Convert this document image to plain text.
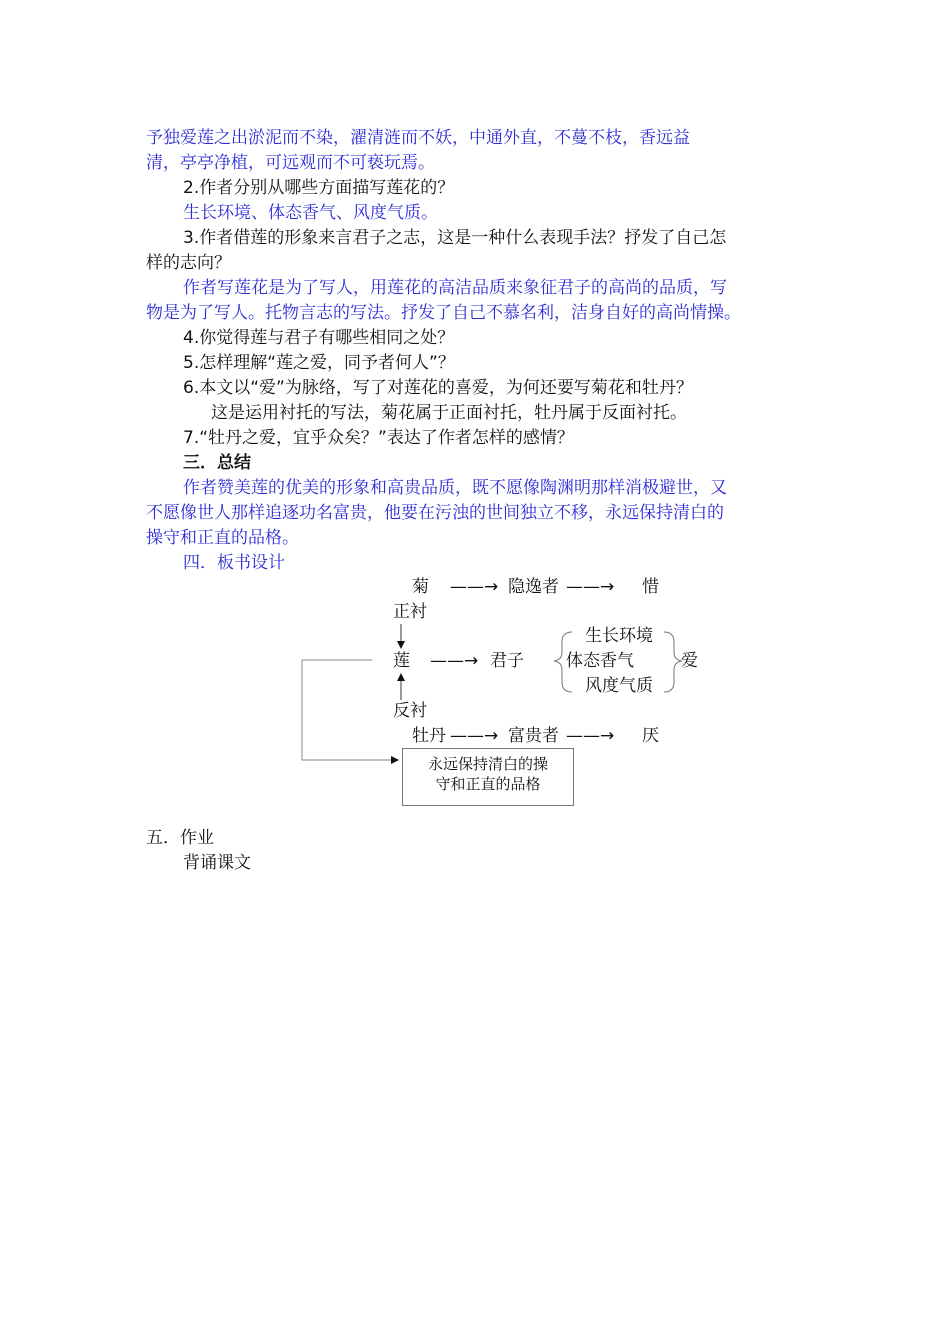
予独爱莲之出淤泥而不染，濯清涟而不妖，中通外直，不蔓不枝，香远益
清，亭亭净植，可远观而不可亵玩焉。
2.作者分别从哪些方面描写莲花的？
生长环境、体态香气、风度气质。
3.作者借莲的形象来言君子之志，这是一种什么表现手法？抒发了自己怎
样的志向？
作者写莲花是为了写人，用莲花的高洁品质来象征君子的高尚的品质，写
物是为了写人。托物言志的写法。抒发了自己不慕名利，洁身自好的高尚情操。
4.你觉得莲与君子有哪些相同之处？
5.怎样理解“莲之爱，同予者何人”？
6.本文以“爱”为脉络，写了对莲花的喜爱，为何还要写菊花和牡丹？
这是运用衬托的写法，菊花属于正面衬托，牡丹属于反面衬托。
7.“牡丹之爱，宜乎众矣？”表达了作者怎样的感情？
三．总结
作者赞美莲的优美的形象和高贵品质，既不愿像陶渊明那样消极避世，又
不愿像世人那样追逐功名富贵，他要在污浊的世间独立不移，永远保持清白的
操守和正直的品格。
四．板书设计
菊 ——→ 隐逸者 ——→ 惜
正衬
莲 ——→ 君子
生长环境
体态香气
风度气质
爱
反衬
牡丹 ——→ 富贵者 ——→ 厌
永远保持清白的操
守和正直的品格
五．作业
背诵课文
